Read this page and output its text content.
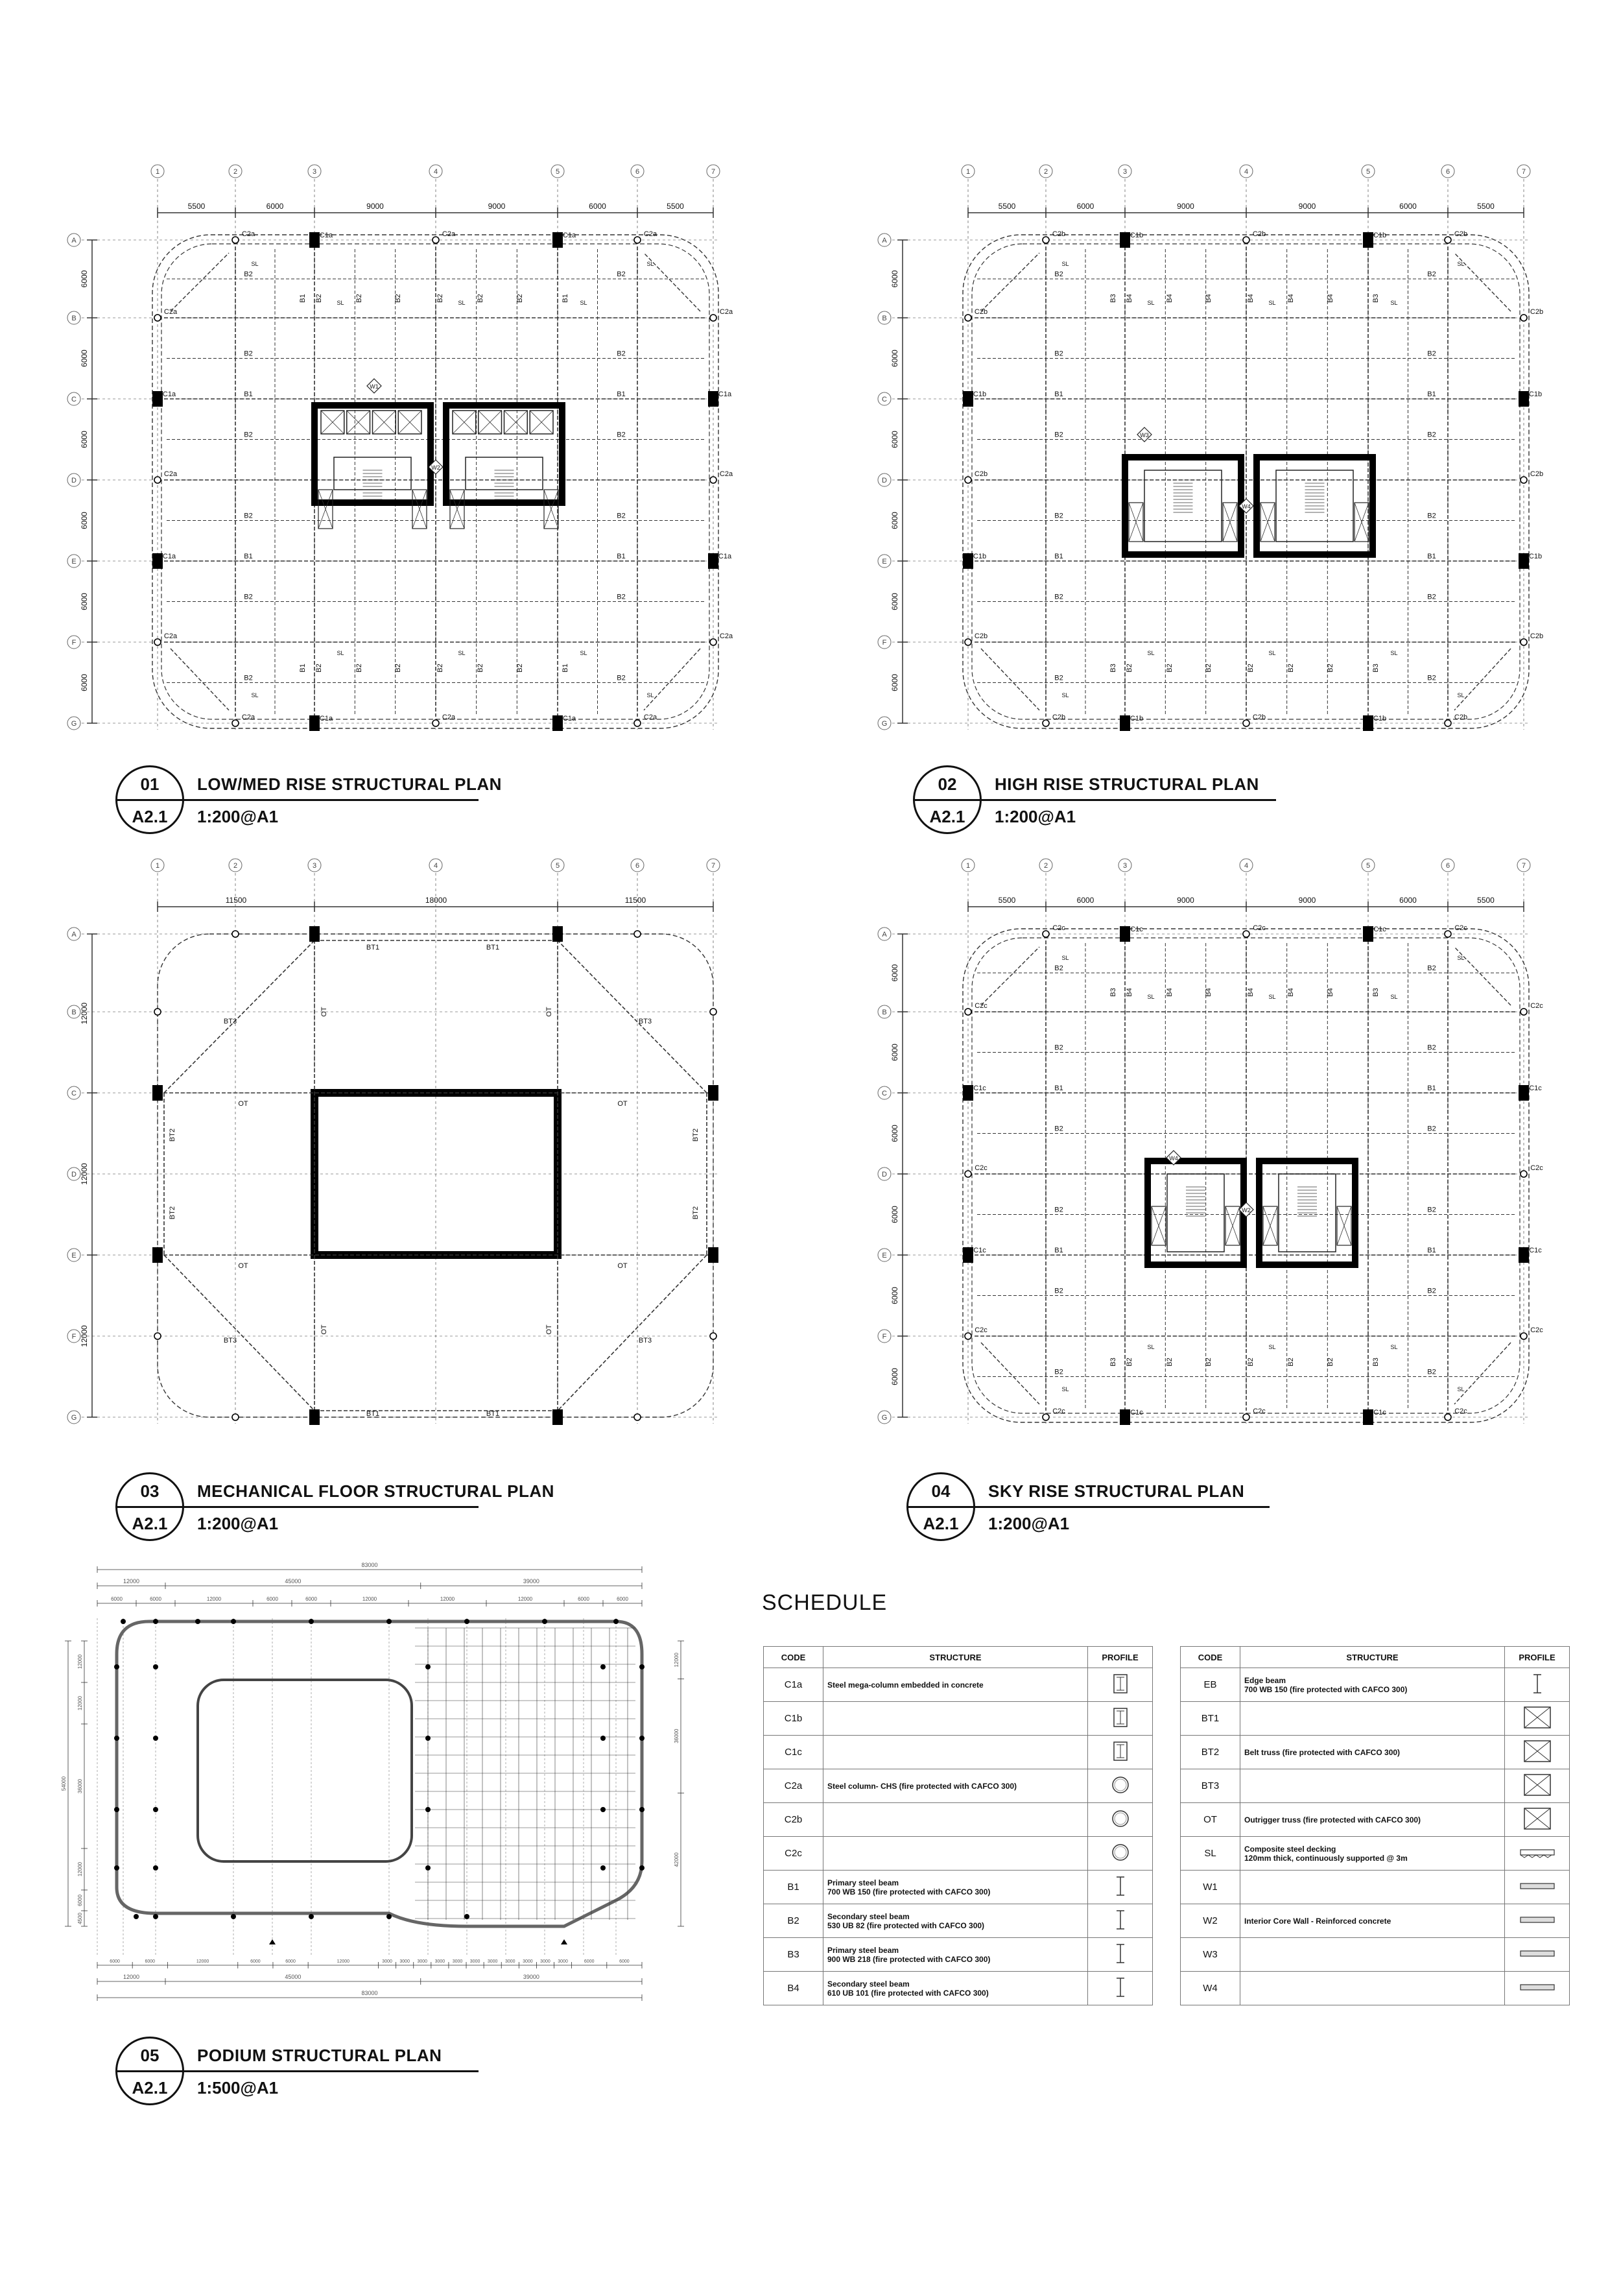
1	2	3	4	5	6	7
A
B
C
D
E
F
G
5500	6000	9000	9000	6000	5500
6000
6000
6000
6000
6000
6000
B2	B2
B2	B2
B2	B2
B2	B2
B2	B2
B2	B2
B1	B1
B1	B1
B2
B2
B2
B2
B2
B2
B2
B2
B2
B2
B2
B2
B1	B1
B1	B1
SL
SL	SL	SL
SL
SL
SL	SL	SL
SL
W1
W2
C1a	C1a
C1a	C1a
C1a	C1a
C1a	C1a
C2a	C2a	C2a
C2a	C2a	C2a
C2a	C2a
C2a	C2a
C2a	C2a
01
A2.1
LOW/MED RISE STRUCTURAL PLAN
1:200@A1
1	2	3	4	5	6	7
A
B
C
D
E
F
G
5500	6000	9000	9000	6000	5500
6000
6000
6000
6000
6000
6000
B2	B2
B2	B2
B2	B2
B2	B2
B2	B2
B2	B2
B1	B1
B1	B1
B4
B2
B4
B2
B4
B2
B4
B2
B4
B2
B4
B2
B3	B3
B3	B3
SL
SL	SL	SL
SL
SL
SL	SL	SL
SL
W3
W4
C1b	C1b
C1b	C1b
C1b	C1b
C1b	C1b
C2b	C2b	C2b
C2b	C2b	C2b
C2b	C2b
C2b	C2b
C2b	C2b
02
A2.1
HIGH RISE STRUCTURAL PLAN
1:200@A1
1	2	3	4	5	6	7
A
B
C
D
E
F
G
11500	18000	11500
12000
12000
12000
BT1	BT1
BT1	BT1
BT2
BT2
BT2
BT2
BT3	BT3
BT3	BT3
OT	OT
OT	OT
OT	OT
OT	OT
03
A2.1
MECHANICAL FLOOR STRUCTURAL PLAN
1:200@A1
1	2	3	4	5	6	7
A
B
C
D
E
F
G
5500	6000	9000	9000	6000	5500
6000
6000
6000
6000
6000
6000
B2	B2
B2	B2
B2	B2
B2	B2
B2	B2
B2	B2
B1	B1
B1	B1
B4
B2
B4
B2
B4
B2
B4
B2
B4
B2
B4
B2
B3	B3
B3	B3
SL
SL	SL	SL
SL
SL
SL	SL	SL
SL
W4
W2
C1c	C1c
C1c	C1c
C1c	C1c
C1c	C1c
C2c	C2c	C2c
C2c	C2c	C2c
C2c	C2c
C2c	C2c
C2c	C2c
04
A2.1
SKY RISE STRUCTURAL PLAN
1:200@A1
83000
12000	45000	39000
6000	6000	12000	6000	6000	12000	12000	12000	6000	6000
6000	6000	12000	6000	6000	12000	3000 3000 3000 3000 3000 3000 3000 3000 3000 3000 3000	6000	6000
12000	45000	39000
83000
12000
12000
36000
12000
6000
4500
54000
12000
36000
42000
05
A2.1
PODIUM STRUCTURAL PLAN
1:500@A1
SCHEDULE
CODE	STRUCTURE	PROFILE
C1a	Steel mega-column embedded in concrete	
C1b		
C1c		
C2a	Steel column- CHS (fire protected with CAFCO 300)	
C2b		
C2c		
B1	Primary steel beam
700 WB 150 (fire protected with CAFCO 300)	
B2	Secondary steel beam
530 UB 82 (fire protected with CAFCO 300)	
B3	Primary steel beam
900 WB 218 (fire protected with CAFCO 300)	
B4	Secondary steel beam
610 UB 101 (fire protected with CAFCO 300)	
CODE	STRUCTURE	PROFILE
EB	Edge beam
700 WB 150 (fire protected with CAFCO 300)	
BT1		
BT2	Belt truss (fire protected with CAFCO 300)	
BT3		
OT	Outrigger truss (fire protected with CAFCO 300)	
SL	Composite steel decking
120mm thick, continuously supported @ 3m	
W1		
W2	Interior Core Wall - Reinforced concrete	
W3		
W4		
